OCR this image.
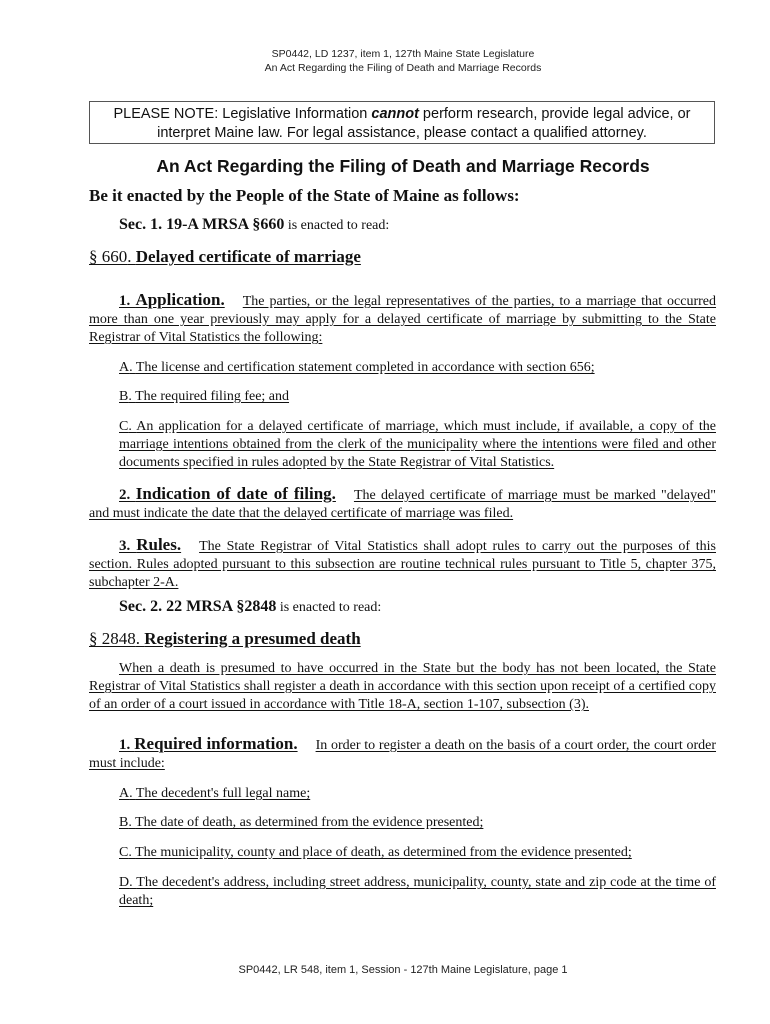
SP0442, LD 1237, item 1, 127th Maine State Legislature
An Act Regarding the Filing of Death and Marriage Records
PLEASE NOTE: Legislative Information cannot perform research, provide legal advice, or interpret Maine law. For legal assistance, please contact a qualified attorney.
An Act Regarding the Filing of Death and Marriage Records
Be it enacted by the People of the State of Maine as follows:
Sec. 1. 19-A MRSA §660 is enacted to read:
§ 660. Delayed certificate of marriage
1. Application. The parties, or the legal representatives of the parties, to a marriage that occurred more than one year previously may apply for a delayed certificate of marriage by submitting to the State Registrar of Vital Statistics the following:
A. The license and certification statement completed in accordance with section 656;
B. The required filing fee; and
C. An application for a delayed certificate of marriage, which must include, if available, a copy of the marriage intentions obtained from the clerk of the municipality where the intentions were filed and other documents specified in rules adopted by the State Registrar of Vital Statistics.
2. Indication of date of filing. The delayed certificate of marriage must be marked "delayed" and must indicate the date that the delayed certificate of marriage was filed.
3. Rules. The State Registrar of Vital Statistics shall adopt rules to carry out the purposes of this section. Rules adopted pursuant to this subsection are routine technical rules pursuant to Title 5, chapter 375, subchapter 2-A.
Sec. 2. 22 MRSA §2848 is enacted to read:
§ 2848. Registering a presumed death
When a death is presumed to have occurred in the State but the body has not been located, the State Registrar of Vital Statistics shall register a death in accordance with this section upon receipt of a certified copy of an order of a court issued in accordance with Title 18-A, section 1-107, subsection (3).
1. Required information. In order to register a death on the basis of a court order, the court order must include:
A. The decedent's full legal name;
B. The date of death, as determined from the evidence presented;
C. The municipality, county and place of death, as determined from the evidence presented;
D. The decedent's address, including street address, municipality, county, state and zip code at the time of death;
SP0442, LR 548, item 1, Session - 127th Maine Legislature, page 1
